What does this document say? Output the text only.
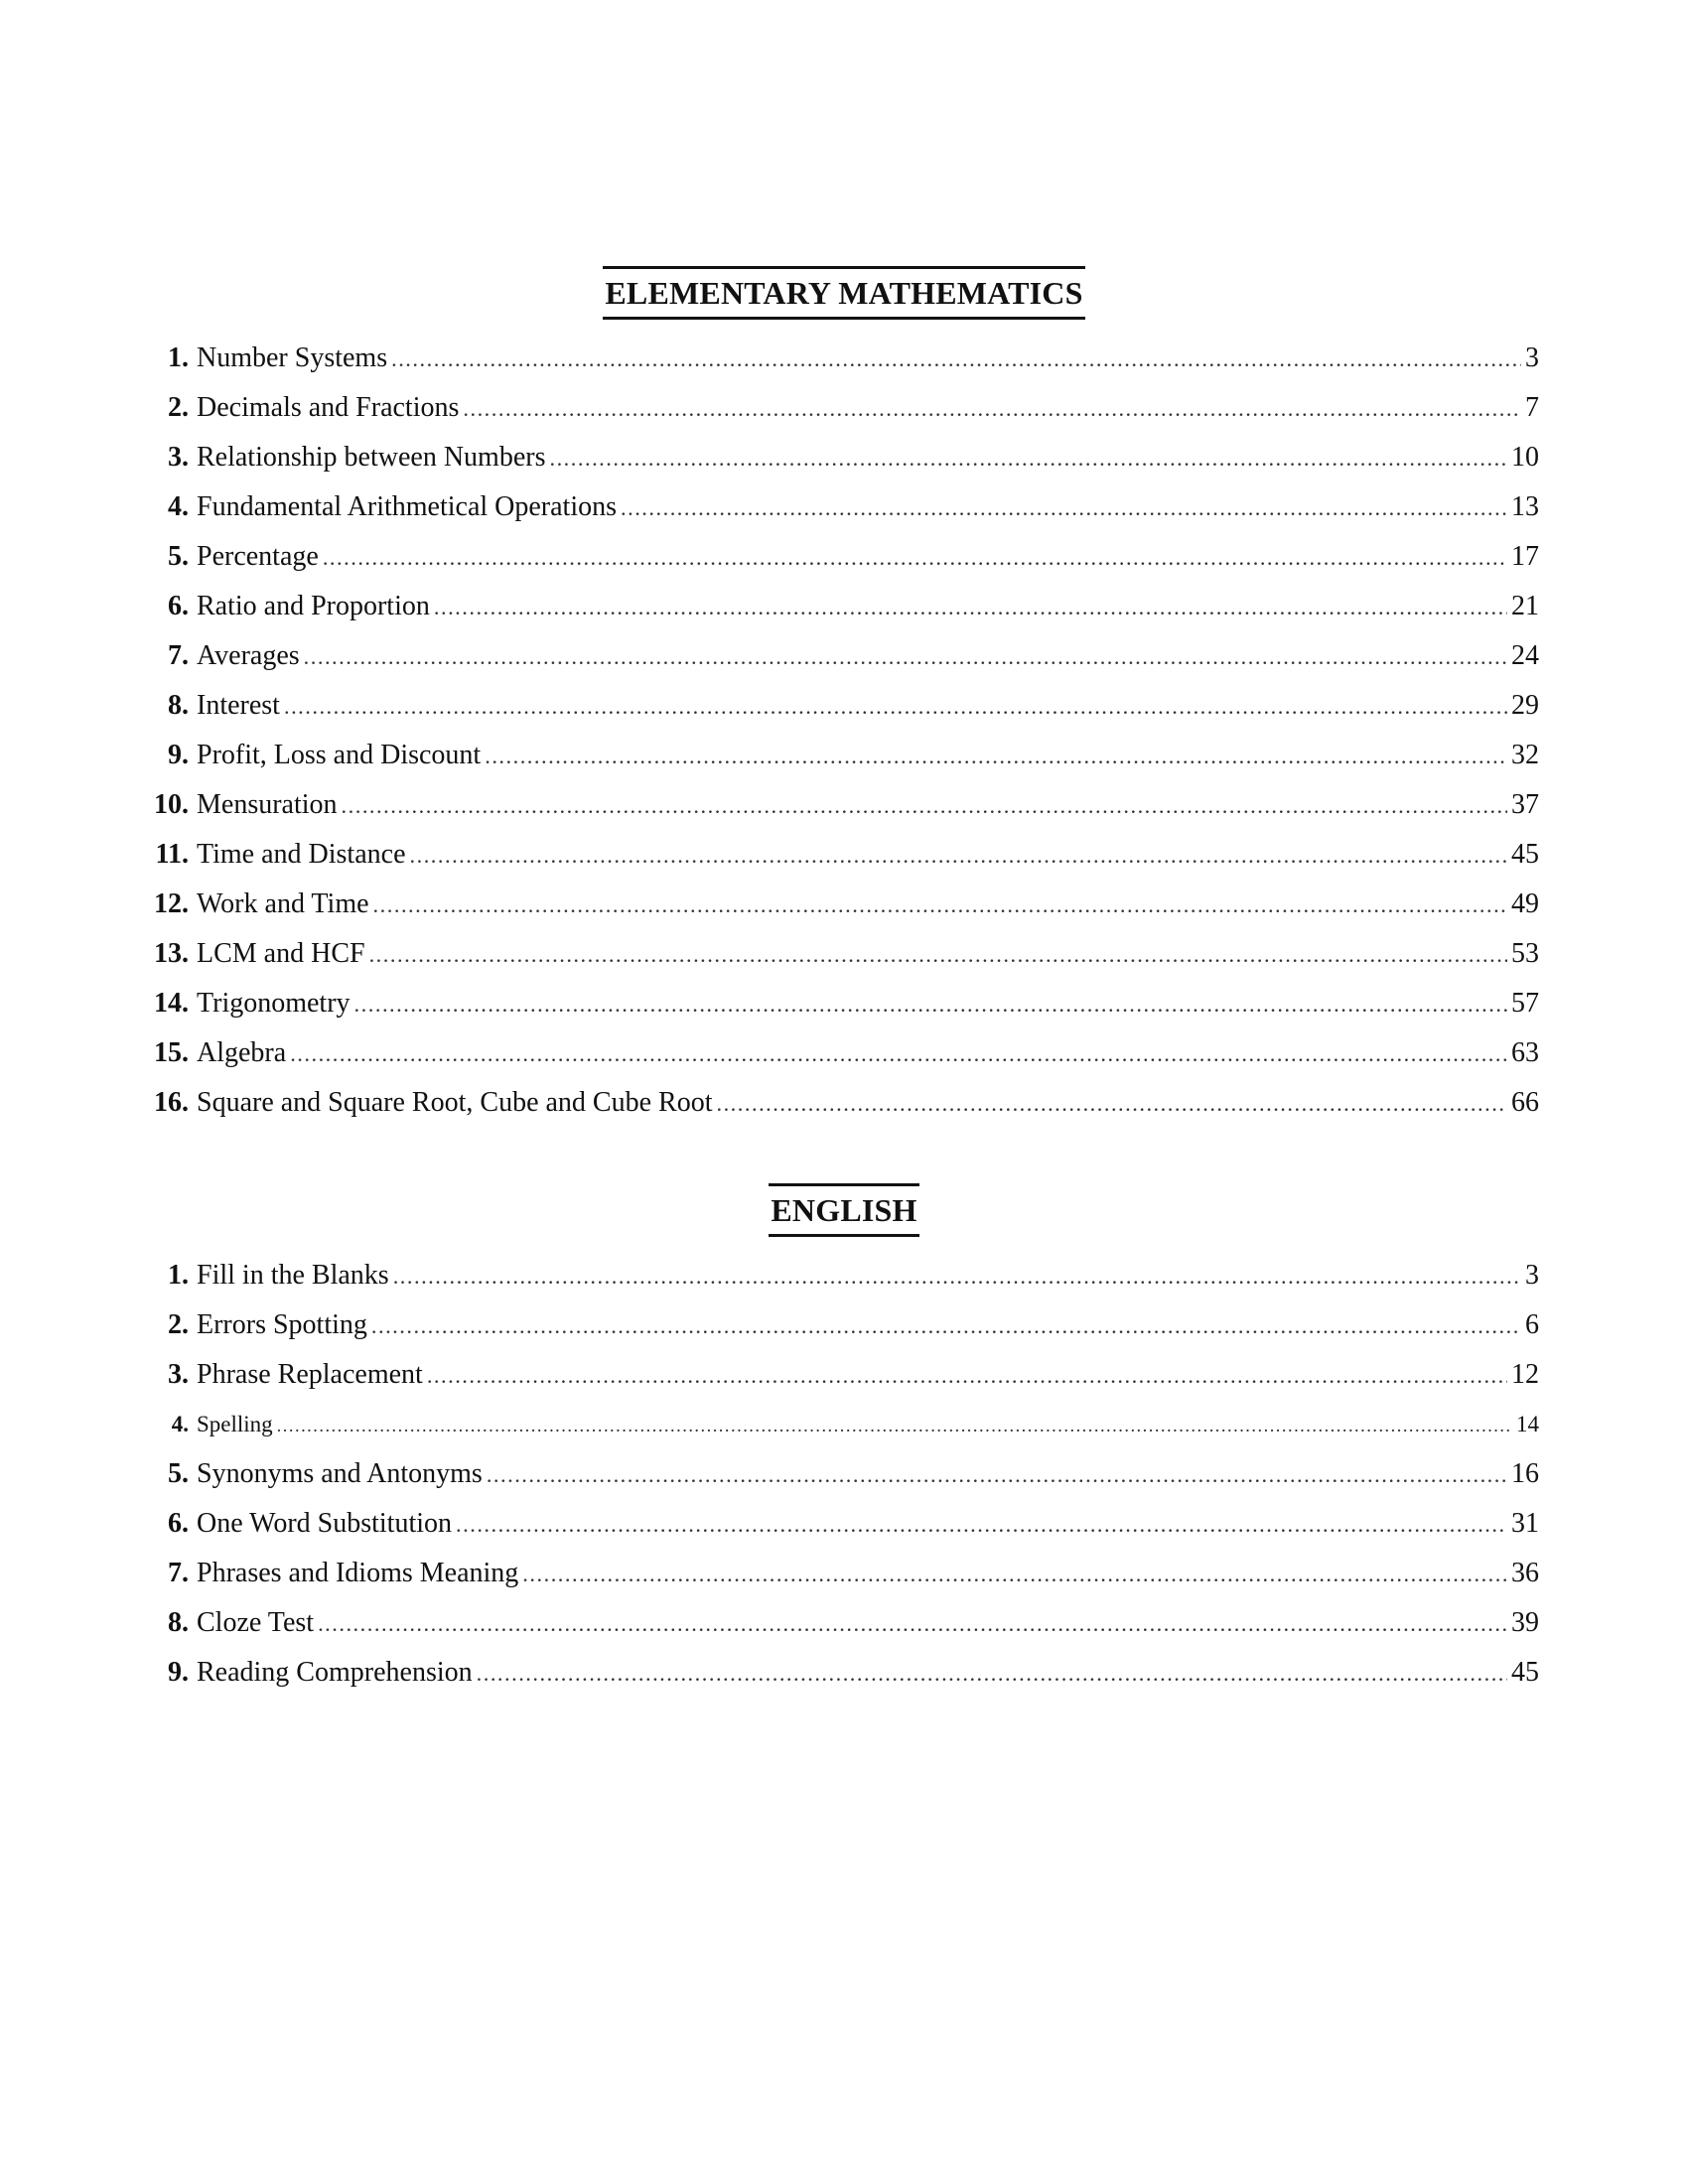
ELEMENTARY MATHEMATICS
1. Number Systems .....	3
2. Decimals and Fractions .....	7
3. Relationship between Numbers .....	10
4. Fundamental Arithmetical Operations .....	13
5. Percentage .....	17
6. Ratio and Proportion .....	21
7. Averages .....	24
8. Interest .....	29
9. Profit, Loss and Discount .....	32
10. Mensuration .....	37
11. Time and Distance .....	45
12. Work and Time .....	49
13. LCM and HCF .....	53
14. Trigonometry .....	57
15. Algebra .....	63
16. Square and Square Root, Cube and Cube Root .....	66
ENGLISH
1. Fill in the Blanks .....	3
2. Errors Spotting .....	6
3. Phrase Replacement .....	12
4. Spelling .....	14
5. Synonyms and Antonyms .....	16
6. One Word Substitution .....	31
7. Phrases and Idioms Meaning .....	36
8. Cloze Test .....	39
9. Reading Comprehension .....	45
